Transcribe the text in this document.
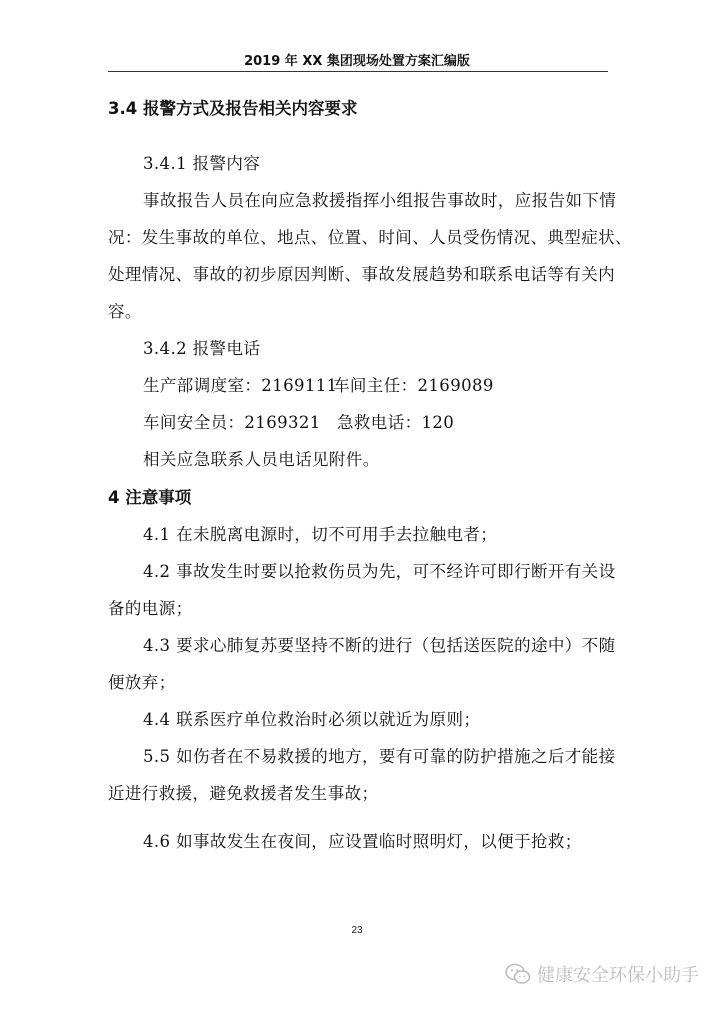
2019 年 XX 集团现场处置方案汇编版
3.4 报警方式及报告相关内容要求
3.4.1 报警内容
事故报告人员在向应急救援指挥小组报告事故时，应报告如下情
况：发生事故的单位、地点、位置、时间、人员受伤情况、典型症状、
处理情况、事故的初步原因判断、事故发展趋势和联系电话等有关内
容。
3.4.2 报警电话
生产部调度室：2169111
车间主任：2169089
车间安全员：2169321 急救电话：120
相关应急联系人员电话见附件。
4 注意事项
4.1 在未脱离电源时，切不可用手去拉触电者；
4.2 事故发生时要以抢救伤员为先，可不经许可即行断开有关设
备的电源；
4.3 要求心肺复苏要坚持不断的进行（包括送医院的途中）不随
便放弃；
4.4 联系医疗单位救治时必须以就近为原则；
5.5 如伤者在不易救援的地方，要有可靠的防护措施之后才能接
近进行救援，避免救援者发生事故；
4.6 如事故发生在夜间，应设置临时照明灯，以便于抢救；
23
健康安全环保小助手
